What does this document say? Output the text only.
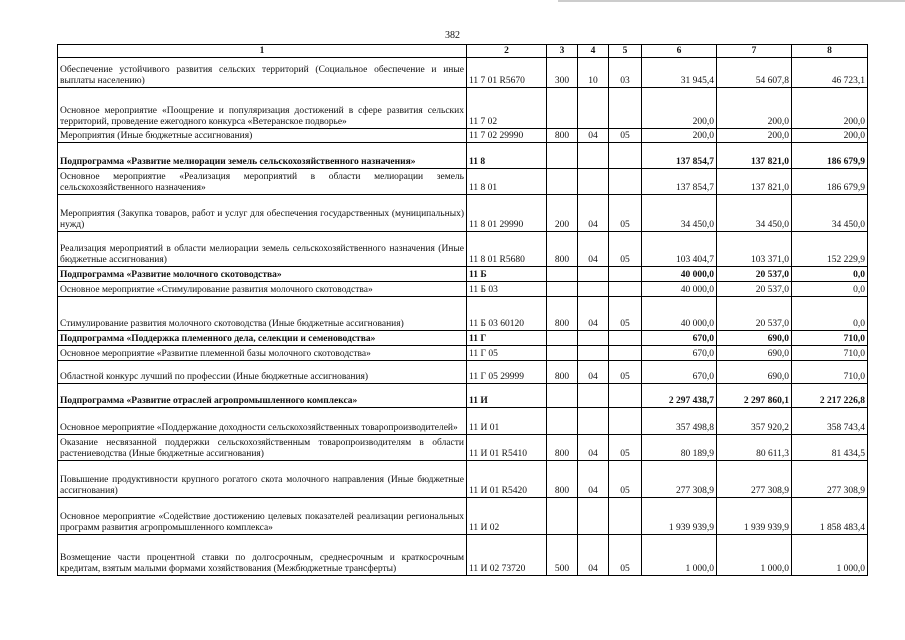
382
1	2	3	4	5	6	7	8
Обеспечение устойчивого развития сельских территорий (Социальное обеспечение и иные выплаты населению)	11 7 01 R5670	300	10	03	31 945,4	54 607,8	46 723,1
Основное мероприятие «Поощрение и популяризация достижений в сфере развития сельских территорий, проведение ежегодного конкурса «Ветеранское подворье»	11 7 02				200,0	200,0	200,0
Мероприятия (Иные бюджетные ассигнования)	11 7 02 29990	800	04	05	200,0	200,0	200,0
Подпрограмма «Развитие мелиорации земель сельскохозяйственного назначения»	11 8				137 854,7	137 821,0	186 679,9
Основное мероприятие «Реализация мероприятий в области мелиорации земель сельскохозяйственного назначения»	11 8 01				137 854,7	137 821,0	186 679,9
Мероприятия (Закупка товаров, работ и услуг для обеспечения государственных (муниципальных) нужд)	11 8 01 29990	200	04	05	34 450,0	34 450,0	34 450,0
Реализация мероприятий в области мелиорации земель сельскохозяйственного назначения (Иные бюджетные ассигнования)	11 8 01 R5680	800	04	05	103 404,7	103 371,0	152 229,9
Подпрограмма «Развитие молочного скотоводства»	11 Б				40 000,0	20 537,0	0,0
Основное мероприятие «Стимулирование развития молочного скотоводства»	11 Б 03				40 000,0	20 537,0	0,0
Стимулирование развития молочного скотоводства (Иные бюджетные ассигнования)	11 Б 03 60120	800	04	05	40 000,0	20 537,0	0,0
Подпрограмма «Поддержка племенного дела, селекции и семеноводства»	11 Г				670,0	690,0	710,0
Основное мероприятие «Развитие племенной базы молочного скотоводства»	11 Г 05				670,0	690,0	710,0
Областной конкурс лучший по профессии (Иные бюджетные ассигнования)	11 Г 05 29999	800	04	05	670,0	690,0	710,0
Подпрограмма «Развитие отраслей агропромышленного комплекса»	11 И				2 297 438,7	2 297 860,1	2 217 226,8
Основное мероприятие «Поддержание доходности сельскохозяйственных товаропроизводителей»	11 И 01				357 498,8	357 920,2	358 743,4
Оказание несвязанной поддержки сельскохозяйственным товаропроизводителям в области растениеводства (Иные бюджетные ассигнования)	11 И 01 R5410	800	04	05	80 189,9	80 611,3	81 434,5
Повышение продуктивности крупного рогатого скота молочного направления (Иные бюджетные ассигнования)	11 И 01 R5420	800	04	05	277 308,9	277 308,9	277 308,9
Основное мероприятие «Содействие достижению целевых показателей реализации региональных программ развития агропромышленного комплекса»	11 И 02				1 939 939,9	1 939 939,9	1 858 483,4
Возмещение части процентной ставки по долгосрочным, среднесрочным и краткосрочным кредитам, взятым малыми формами хозяйствования (Межбюджетные трансферты)	11 И 02 73720	500	04	05	1 000,0	1 000,0	1 000,0
